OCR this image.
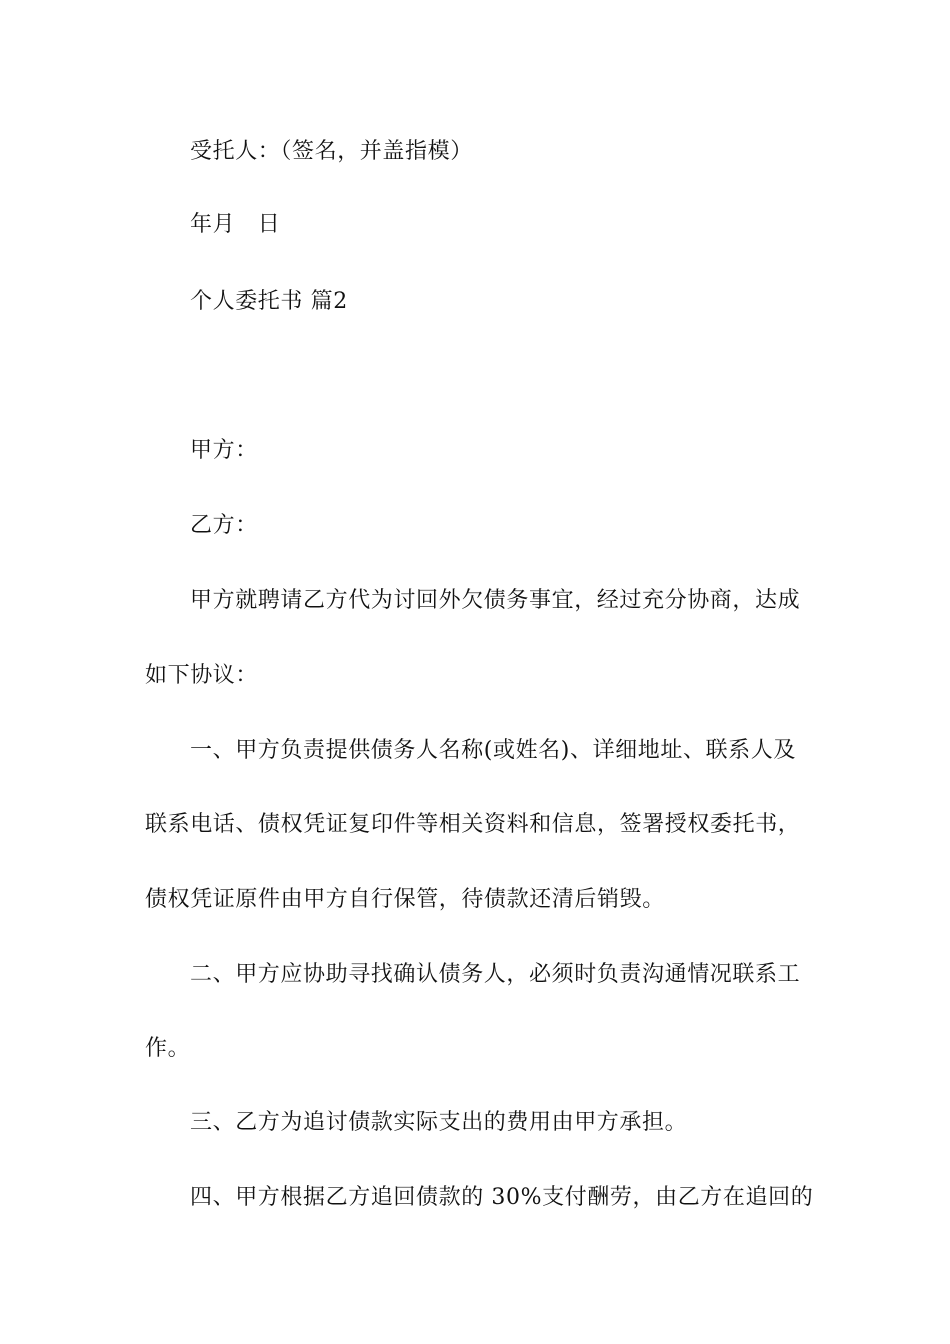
受托人：（签名，并盖指模）
年月　日
个人委托书 篇2
甲方：
乙方：
甲方就聘请乙方代为讨回外欠债务事宜，经过充分协商，达成
如下协议：
一、甲方负责提供债务人名称(或姓名)、详细地址、联系人及
联系电话、债权凭证复印件等相关资料和信息，签署授权委托书，
债权凭证原件由甲方自行保管，待债款还清后销毁。
二、甲方应协助寻找确认债务人，必须时负责沟通情况联系工
作。
三、乙方为追讨债款实际支出的费用由甲方承担。
四、甲方根据乙方追回债款的 30%支付酬劳，由乙方在追回的
